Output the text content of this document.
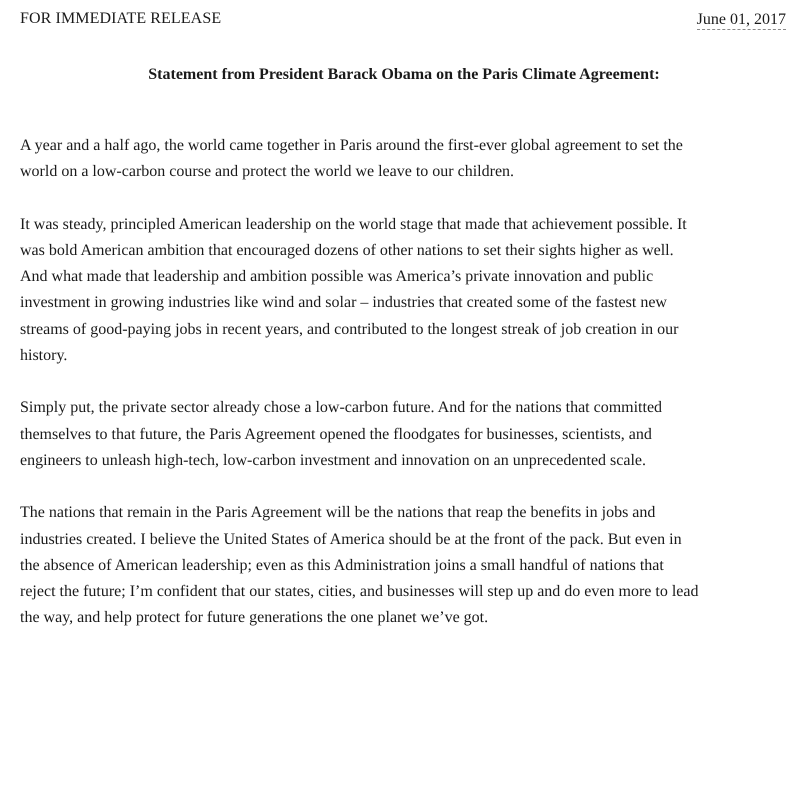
FOR IMMEDIATE RELEASE	June 01, 2017
Statement from President Barack Obama on the Paris Climate Agreement:

A year and a half ago, the world came together in Paris around the first-ever global agreement to set the
world on a low-carbon course and protect the world we leave to our children.

It was steady, principled American leadership on the world stage that made that achievement possible. It
was bold American ambition that encouraged dozens of other nations to set their sights higher as well.
And what made that leadership and ambition possible was America’s private innovation and public
investment in growing industries like wind and solar – industries that created some of the fastest new
streams of good-paying jobs in recent years, and contributed to the longest streak of job creation in our
history.

Simply put, the private sector already chose a low-carbon future. And for the nations that committed
themselves to that future, the Paris Agreement opened the floodgates for businesses, scientists, and
engineers to unleash high-tech, low-carbon investment and innovation on an unprecedented scale.

The nations that remain in the Paris Agreement will be the nations that reap the benefits in jobs and
industries created. I believe the United States of America should be at the front of the pack. But even in
the absence of American leadership; even as this Administration joins a small handful of nations that
reject the future; I’m confident that our states, cities, and businesses will step up and do even more to lead
the way, and help protect for future generations the one planet we’ve got.
